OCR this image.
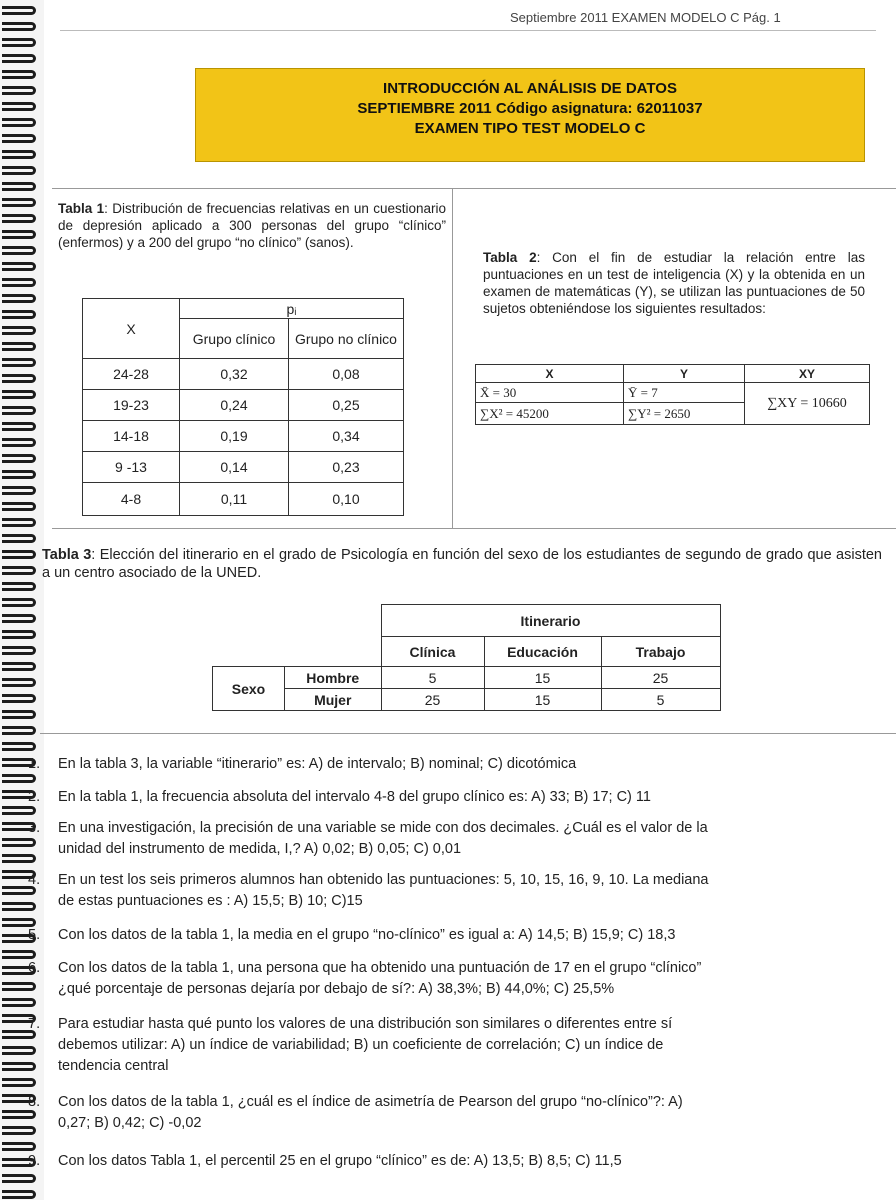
Septiembre 2011 EXAMEN MODELO C Pág. 1
INTRODUCCIÓN AL ANÁLISIS DE DATOS
SEPTIEMBRE 2011 Código asignatura: 62011037
EXAMEN TIPO TEST MODELO C
Tabla 1: Distribución de frecuencias relativas en un cuestionario de depresión aplicado a 300 personas del grupo “clínico” (enfermos) y a 200 del grupo “no clínico” (sanos).
X	pᵢ	
	Grupo clínico	Grupo no clínico
24-28	0,32	0,08
19-23	0,24	0,25
14-18	0,19	0,34
9 -13	0,14	0,23
4-8	0,11	0,10
Tabla 2: Con el fin de estudiar la relación entre las puntuaciones en un test de inteligencia (X) y la obtenida en un examen de matemáticas (Y), se utilizan las puntuaciones de 50 sujetos obteniéndose los siguientes resultados:
X	Y	XY
X̄ = 30	Ȳ = 7	∑XY = 10660
∑X² = 45200	∑Y² = 2650	
Tabla 3: Elección del itinerario en el grado de Psicología en función del sexo de los estudiantes de segundo de grado que asisten a un centro asociado de la UNED.
		Itinerario		
		Clínica	Educación	Trabajo
Sexo	Hombre	5	15	25
	Mujer	25	15	5
1. En la tabla 3, la variable “itinerario” es: A) de intervalo; B) nominal; C) dicotómica
2. En la tabla 1, la frecuencia absoluta del intervalo 4-8 del grupo clínico es: A) 33; B) 17; C) 11
3. En una investigación, la precisión de una variable se mide con dos decimales. ¿Cuál es el valor de la
unidad del instrumento de medida, I,? A) 0,02; B) 0,05; C) 0,01
4. En un test los seis primeros alumnos han obtenido las puntuaciones: 5, 10, 15, 16, 9, 10. La mediana
de estas puntuaciones es : A) 15,5; B) 10; C)15
5. Con los datos de la tabla 1, la media en el grupo “no-clínico” es igual a: A) 14,5; B) 15,9; C) 18,3
6. Con los datos de la tabla 1, una persona que ha obtenido una puntuación de 17 en el grupo “clínico”
¿qué porcentaje de personas dejaría por debajo de sí?: A) 38,3%; B) 44,0%; C) 25,5%
7. Para estudiar hasta qué punto los valores de una distribución son similares o diferentes entre sí
debemos utilizar: A) un índice de variabilidad; B) un coeficiente de correlación; C) un índice de
tendencia central
8. Con los datos de la tabla 1, ¿cuál es el índice de asimetría de Pearson del grupo “no-clínico”?: A)
0,27; B) 0,42; C) -0,02
9. Con los datos Tabla 1, el percentil 25 en el grupo “clínico” es de: A) 13,5; B) 8,5; C) 11,5
